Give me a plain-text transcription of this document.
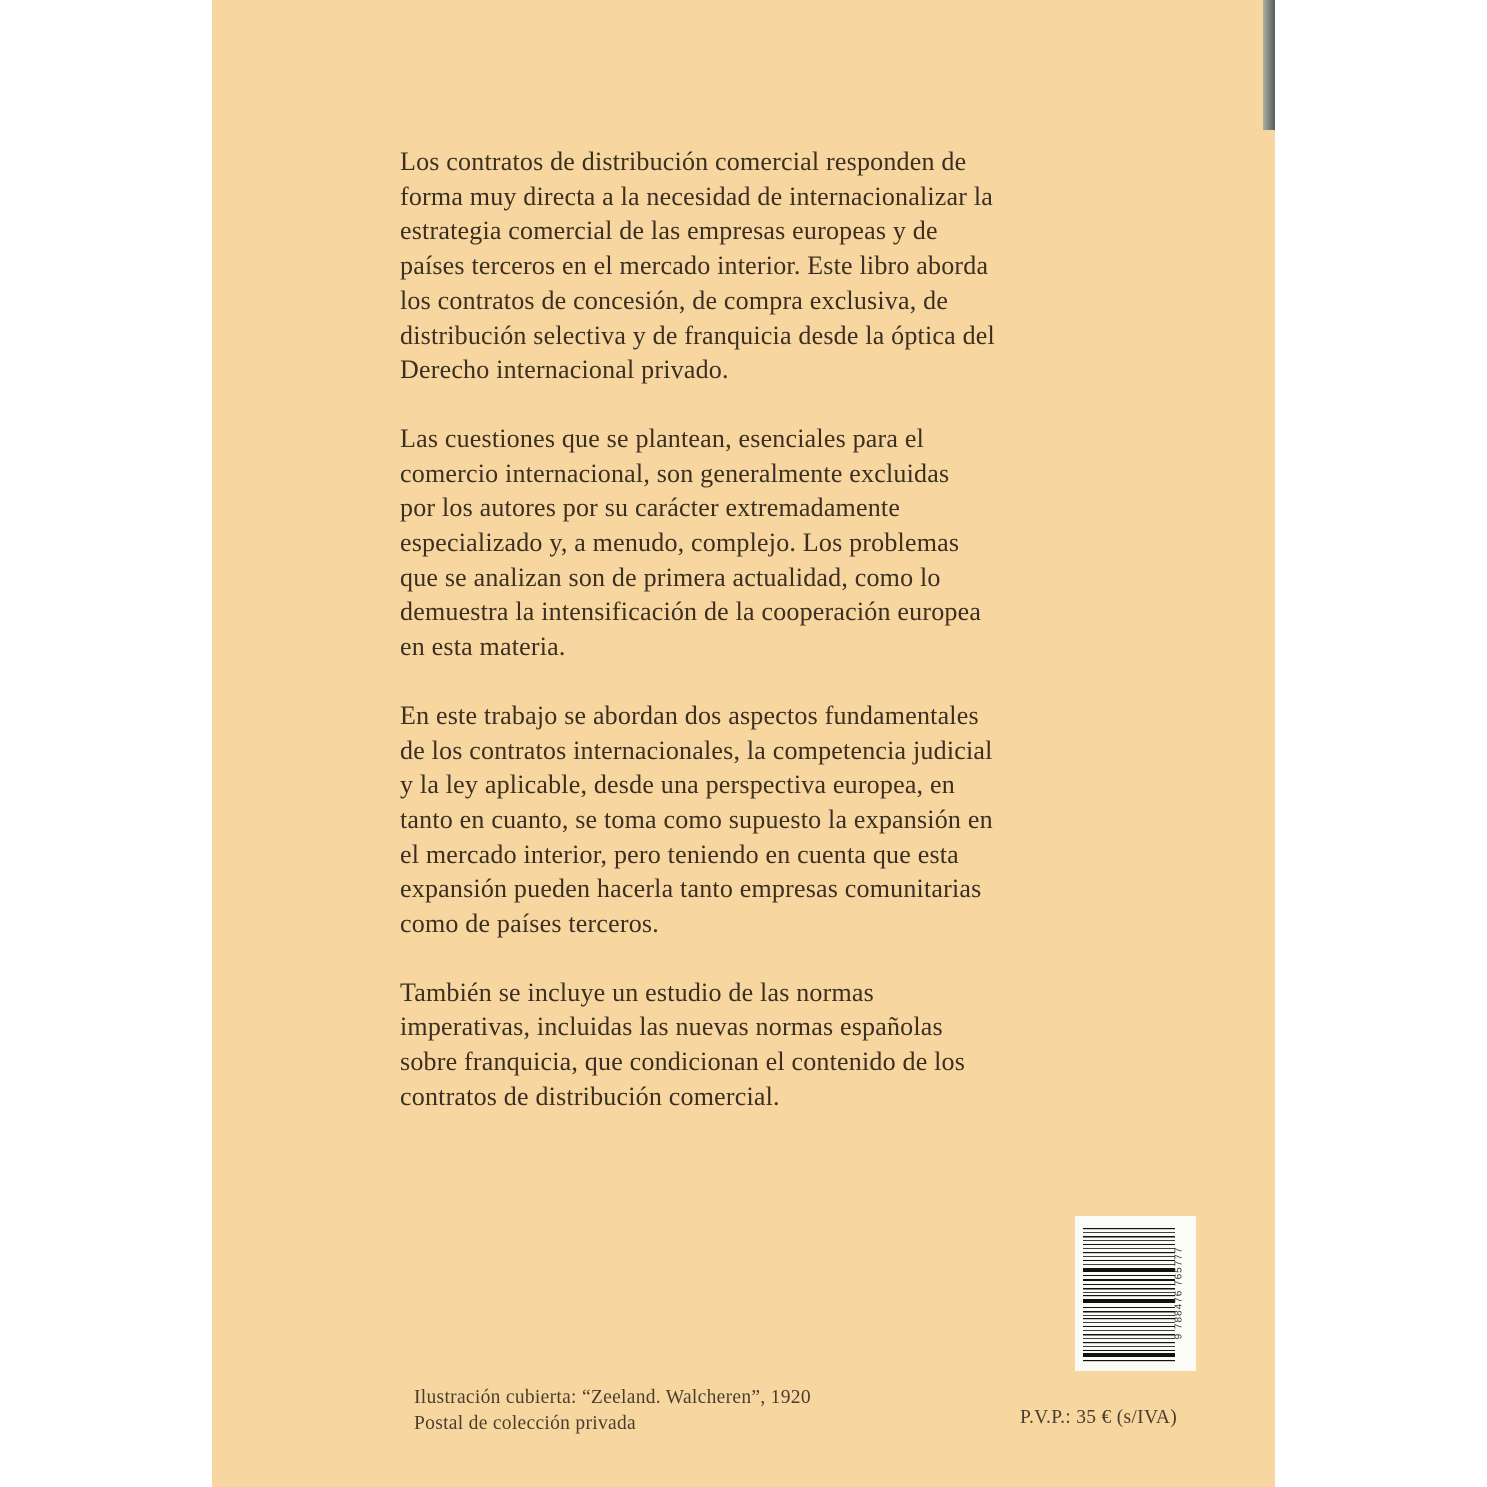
Los contratos de distribución comercial responden de
forma muy directa a la necesidad de internacionalizar la
estrategia comercial de las empresas europeas y de
países terceros en el mercado interior. Este libro aborda
los contratos de concesión, de compra exclusiva, de
distribución selectiva y de franquicia desde la óptica del
Derecho internacional privado.

Las cuestiones que se plantean, esenciales para el
comercio internacional, son generalmente excluidas
por los autores por su carácter extremadamente
especializado y, a menudo, complejo. Los problemas
que se analizan son de primera actualidad, como lo
demuestra la intensificación de la cooperación europea
en esta materia.

En este trabajo se abordan dos aspectos fundamentales
de los contratos internacionales, la competencia judicial
y la ley aplicable, desde una perspectiva europea, en
tanto en cuanto, se toma como supuesto la expansión en
el mercado interior, pero teniendo en cuenta que esta
expansión pueden hacerla tanto empresas comunitarias
como de países terceros.

También se incluye un estudio de las normas
imperativas, incluidas las nuevas normas españolas
sobre franquicia, que condicionan el contenido de los
contratos de distribución comercial.

9 788476 765777
Ilustración cubierta: “Zeeland. Walcheren”, 1920
Postal de colección privada	P.V.P.: 35 € (s/IVA)
